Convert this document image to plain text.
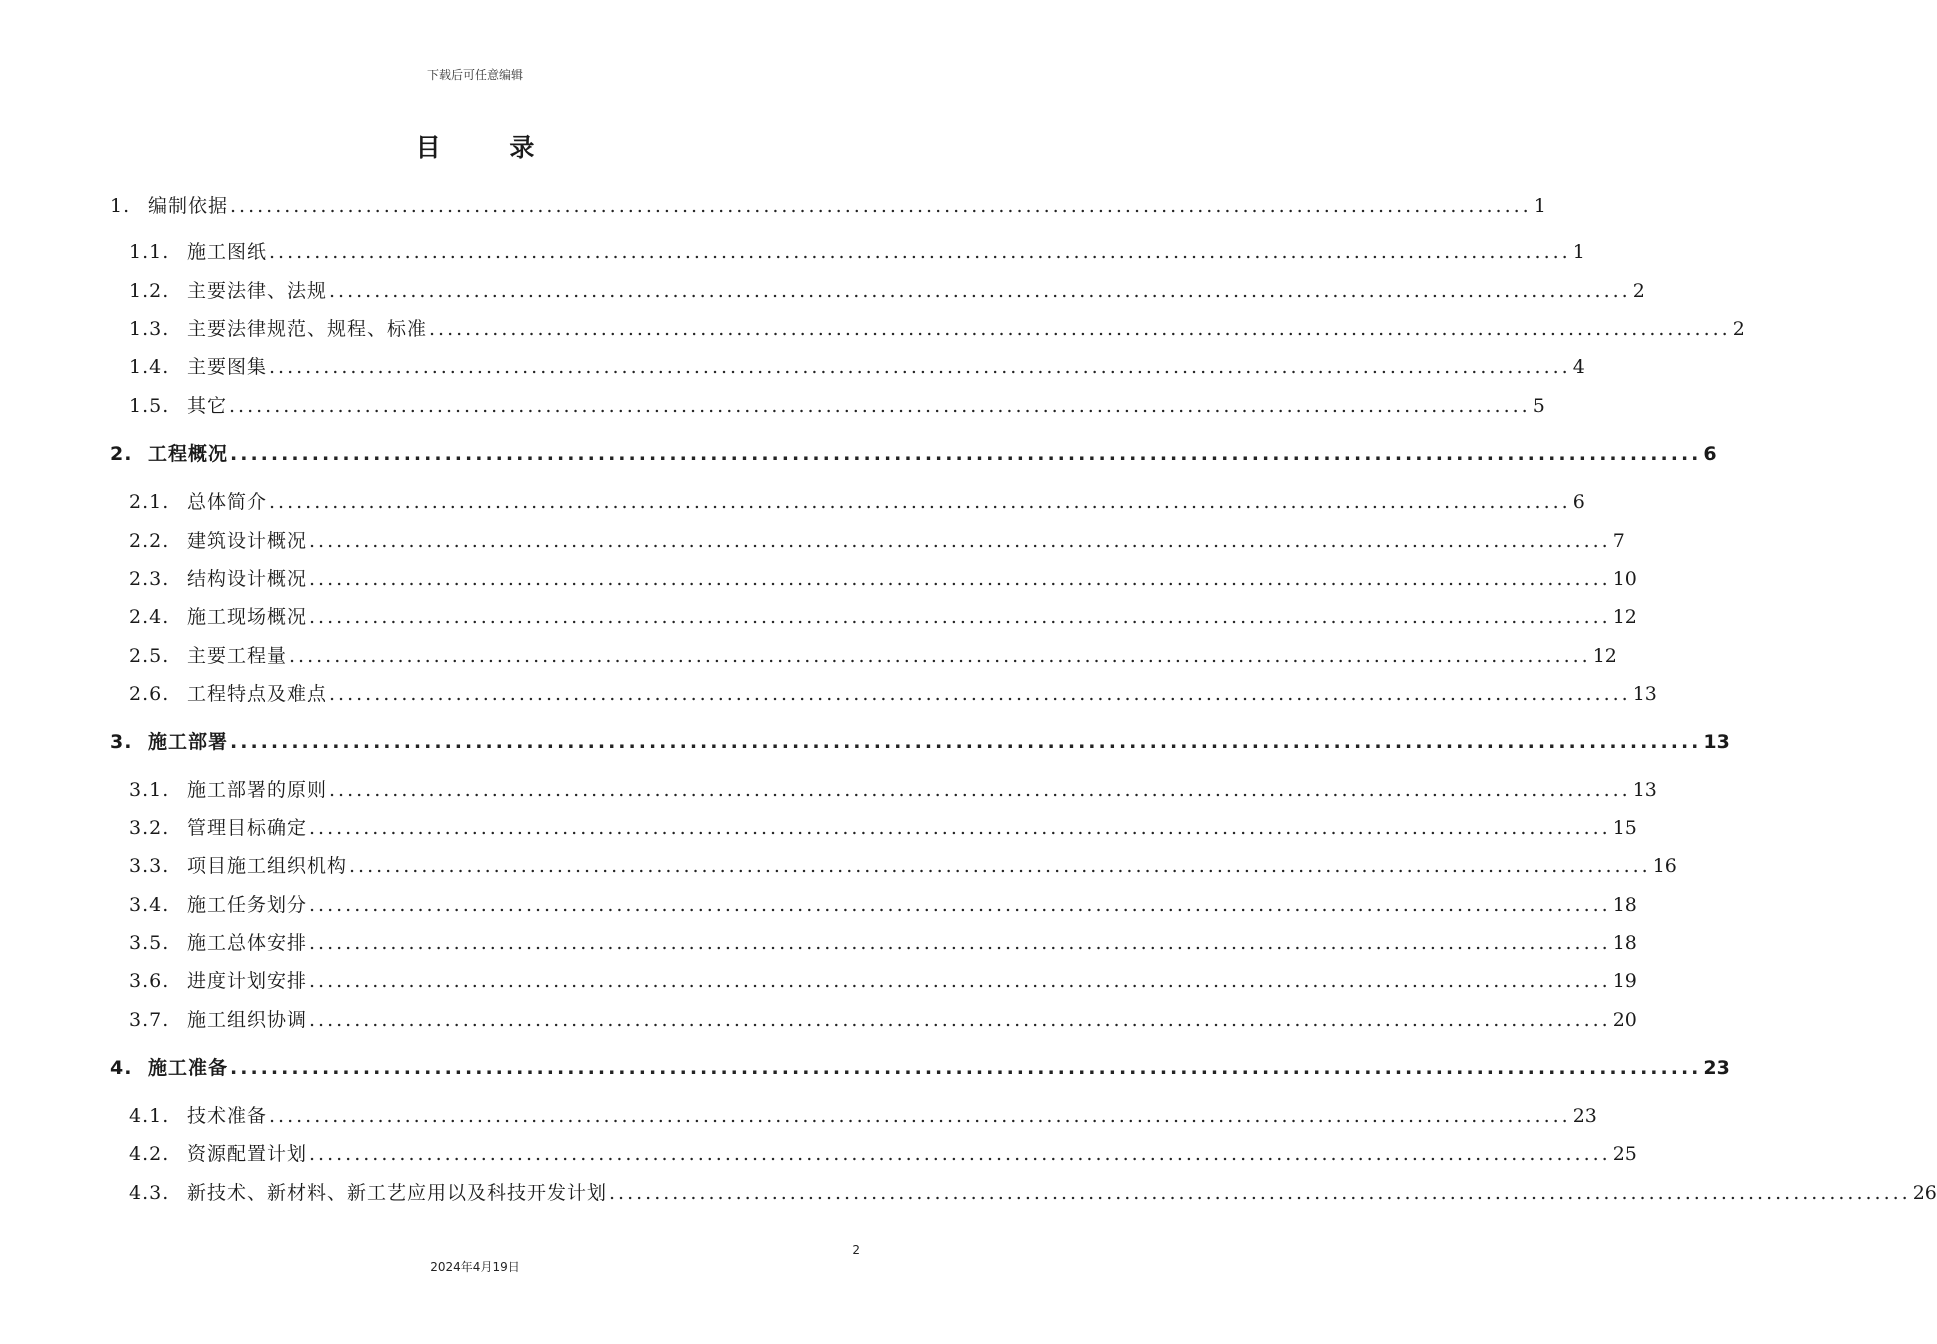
下载后可任意编辑
目 录
1. 编制依据 ................................................................................................................................................ 1
1.1. 施工图纸 ................................................................................................................................................ 1
1.2. 主要法律、法规 ................................................................................................................................................ 2
1.3. 主要法律规范、规程、标准 ................................................................................................................................................ 2
1.4. 主要图集 ................................................................................................................................................ 4
1.5. 其它 ................................................................................................................................................ 5
2. 工程概况 ................................................................................................................................................ 6
2.1. 总体简介 ................................................................................................................................................ 6
2.2. 建筑设计概况 ................................................................................................................................................ 7
2.3. 结构设计概况 ................................................................................................................................................ 10
2.4. 施工现场概况 ................................................................................................................................................ 12
2.5. 主要工程量 ................................................................................................................................................ 12
2.6. 工程特点及难点 ................................................................................................................................................ 13
3. 施工部署 ................................................................................................................................................ 13
3.1. 施工部署的原则 ................................................................................................................................................ 13
3.2. 管理目标确定 ................................................................................................................................................ 15
3.3. 项目施工组织机构 ................................................................................................................................................ 16
3.4. 施工任务划分 ................................................................................................................................................ 18
3.5. 施工总体安排 ................................................................................................................................................ 18
3.6. 进度计划安排 ................................................................................................................................................ 19
3.7. 施工组织协调 ................................................................................................................................................ 20
4. 施工准备 ................................................................................................................................................ 23
4.1. 技术准备 ................................................................................................................................................ 23
4.2. 资源配置计划 ................................................................................................................................................ 25
4.3. 新技术、新材料、新工艺应用以及科技开发计划 ................................................................................................................................................ 26
2
2024年4月19日
